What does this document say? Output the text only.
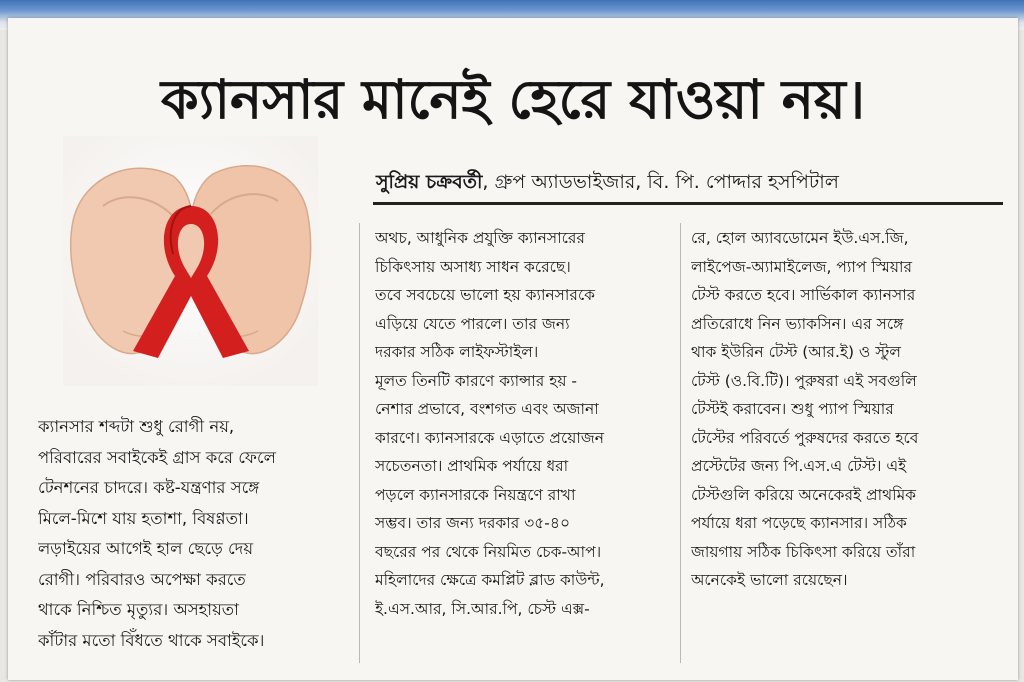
ক্যানসার মানেই হেরে যাওয়া নয়।
সুপ্রিয় চক্রবর্তী, গ্রুপ অ্যাডভাইজার, বি. পি. পোদ্দার হসপিটাল
ক্যানসার শব্দটা শুধু রোগী নয়,
পরিবারের সবাইকেই গ্রাস করে ফেলে
টেনশনের চাদরে। কষ্ট-যন্ত্রণার সঙ্গে
মিলে-মিশে যায় হতাশা, বিষণ্ণতা।
লড়াইয়ের আগেই হাল ছেড়ে দেয়
রোগী। পরিবারও অপেক্ষা করতে
থাকে নিশ্চিত মৃত্যুর। অসহায়তা
কাঁটার মতো বিঁধতে থাকে সবাইকে।
অথচ, আধুনিক প্রযুক্তি ক্যানসারের
চিকিৎসায় অসাধ্য সাধন করেছে।
তবে সবচেয়ে ভালো হয় ক্যানসারকে
এড়িয়ে যেতে পারলে। তার জন্য
দরকার সঠিক লাইফস্টাইল।
মূলত তিনটি কারণে ক্যান্সার হয় -
নেশার প্রভাবে, বংশগত এবং অজানা
কারণে। ক্যানসারকে এড়াতে প্রয়োজন
সচেতনতা। প্রাথমিক পর্যায়ে ধরা
পড়লে ক্যানসারকে নিয়ন্ত্রণে রাখা
সম্ভব। তার জন্য দরকার ৩৫-৪০
বছরের পর থেকে নিয়মিত চেক-আপ।
মহিলাদের ক্ষেত্রে কমপ্লিট ব্লাড কাউন্ট,
ই.এস.আর, সি.আর.পি, চেস্ট এক্স-
রে, হোল অ্যাবডোমেন ইউ.এস.জি,
লাইপেজ-অ্যামাইলেজ, প্যাপ স্মিয়ার
টেস্ট করতে হবে। সার্ভিকাল ক্যানসার
প্রতিরোধে নিন ভ্যাকসিন। এর সঙ্গে
থাক ইউরিন টেস্ট (আর.ই) ও স্টুল
টেস্ট (ও.বি.টি)। পুরুষরা এই সবগুলি
টেস্টই করাবেন। শুধু প্যাপ স্মিয়ার
টেস্টের পরিবর্তে পুরুষদের করতে হবে
প্রস্টেটের জন্য পি.এস.এ টেস্ট। এই
টেস্টগুলি করিয়ে অনেকেরই প্রাথমিক
পর্যায়ে ধরা পড়েছে ক্যানসার। সঠিক
জায়গায় সঠিক চিকিৎসা করিয়ে তাঁরা
অনেকেই ভালো রয়েছেন।
